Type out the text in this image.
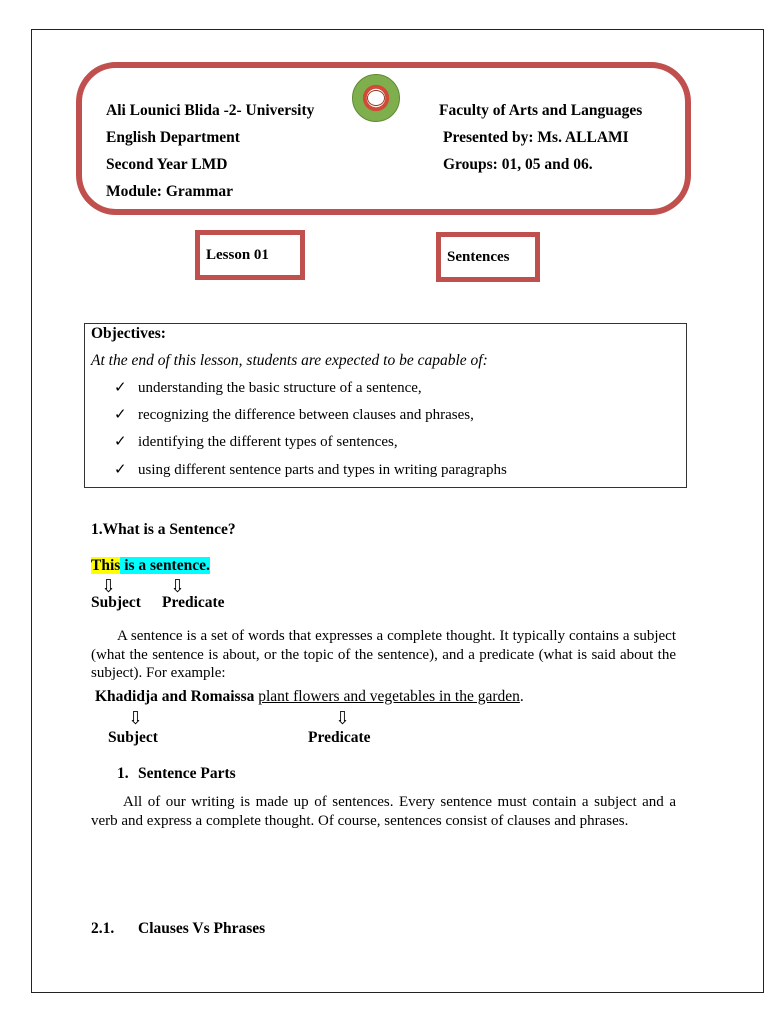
Ali Lounici Blida -2- University
English Department
Second Year LMD
Module: Grammar
Faculty of Arts and Languages
Presented by: Ms. ALLAMI
Groups: 01, 05 and 06.
Lesson 01	Sentences
Objectives:
At the end of this lesson, students are expected to be capable of:
✓ understanding the basic structure of a sentence,
✓ recognizing the difference between clauses and phrases,
✓ identifying the different types of sentences,
✓ using different sentence parts and types in writing paragraphs
1.What is a Sentence?
This is a sentence.
⇩	⇩
Subject Predicate
A sentence is a set of words that expresses a complete thought. It typically contains a subject (what the sentence is about, or the topic of the sentence), and a predicate (what is said about the subject). For example:
Khadidja and Romaissa plant flowers and vegetables in the garden.
⇩	⇩
Subject	Predicate
1. Sentence Parts
All of our writing is made up of sentences. Every sentence must contain a subject and a verb and express a complete thought. Of course, sentences consist of clauses and phrases.
2.1. Clauses Vs Phrases
